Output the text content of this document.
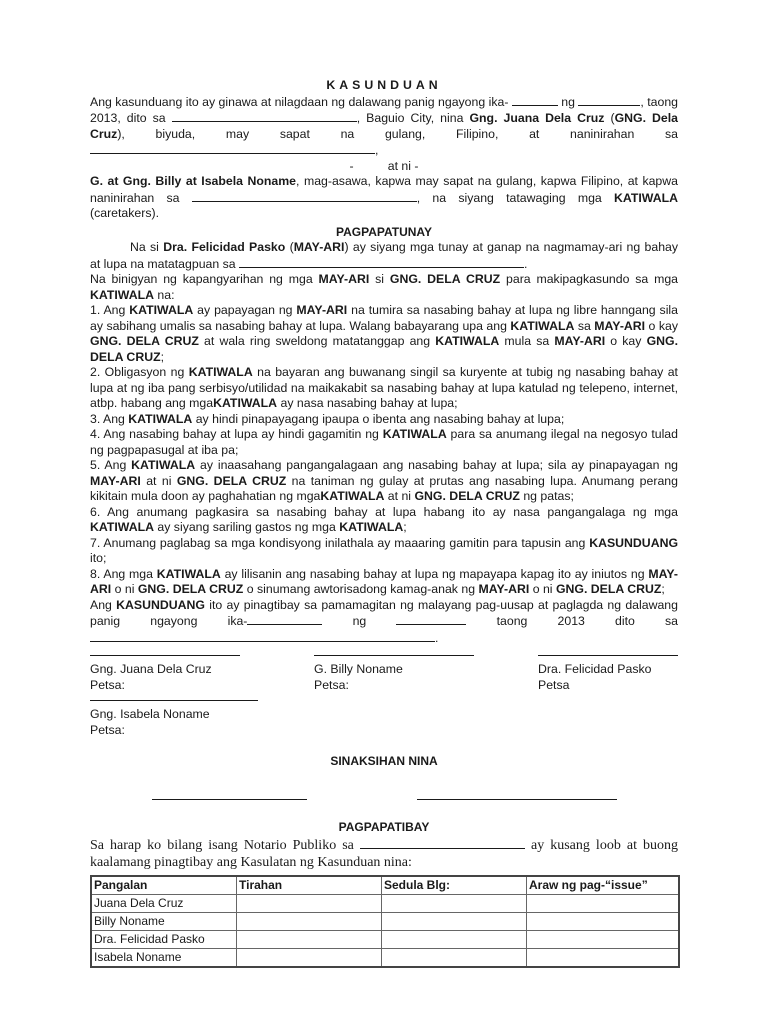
KASUNDUAN

Ang kasunduang ito ay ginawa at nilagdaan ng dalawang panig ngayong ika-	ng	, taong 2013, dito sa	, Baguio City, nina Gng. Juana Dela Cruz (GNG. Dela Cruz), biyuda, may sapat na gulang, Filipino, at naninirahan sa ,

-	at ni -

G. at Gng. Billy at Isabela Noname, mag-asawa, kapwa may sapat na gulang, kapwa Filipino, at kapwa naninirahan sa	, na siyang tatawaging mga KATIWALA (caretakers).

PAGPAPATUNAY

Na si Dra. Felicidad Pasko (MAY-ARI) ay siyang mga tunay at ganap na nagmamay-ari ng bahay at lupa na matatagpuan sa	.

Na binigyan ng kapangyarihan ng mga MAY-ARI si GNG. DELA CRUZ para makipagkasundo sa mga KATIWALA na:

1. Ang KATIWALA ay papayagan ng MAY-ARI na tumira sa nasabing bahay at lupa ng libre hanngang sila ay sabihang umalis sa nasabing bahay at lupa. Walang babayarang upa ang KATIWALA sa MAY-ARI o kay GNG. DELA CRUZ at wala ring sweldong matatanggap ang KATIWALA mula sa MAY-ARI o kay GNG. DELA CRUZ;

2. Obligasyon ng KATIWALA na bayaran ang buwanang singil sa kuryente at tubig ng nasabing bahay at lupa at ng iba pang serbisyo/utilidad na maikakabit sa nasabing bahay at lupa katulad ng telepeno, internet, atbp. habang ang mgaKATIWALA ay nasa nasabing bahay at lupa;

3. Ang KATIWALA ay hindi pinapayagang ipaupa o ibenta ang nasabing bahay at lupa;

4. Ang nasabing bahay at lupa ay hindi gagamitin ng KATIWALA para sa anumang ilegal na negosyo tulad ng pagpapasugal at iba pa;

5. Ang KATIWALA ay inaasahang pangangalagaan ang nasabing bahay at lupa; sila ay pinapayagan ng MAY-ARI at ni GNG. DELA CRUZ na taniman ng gulay at prutas ang nasabing lupa. Anumang perang kikitain mula doon ay paghahatian ng mgaKATIWALA at ni GNG. DELA CRUZ ng patas;

6. Ang anumang pagkasira sa nasabing bahay at lupa habang ito ay nasa pangangalaga ng mga KATIWALA ay siyang sariling gastos ng mga KATIWALA;

7. Anumang paglabag sa mga kondisyong inilathala ay maaaring gamitin para tapusin ang KASUNDUANG ito;

8. Ang mga KATIWALA ay lilisanin ang nasabing bahay at lupa ng mapayapa kapag ito ay iniutos ng MAY-ARI o ni GNG. DELA CRUZ o sinumang awtorisadong kamag-anak ng MAY-ARI o ni GNG. DELA CRUZ;

Ang KASUNDUANG ito ay pinagtibay sa pamamagitan ng malayang pag-uusap at paglagda ng dalawang panig ngayong ika-	ng	taong 2013 dito sa .

Gng. Juana Dela Cruz
Petsa:
G. Billy Noname
Petsa:
Dra. Felicidad Pasko
Petsa
Gng. Isabela Noname
Petsa:
SINAKSIHAN NINA
PAGPAPATIBAY

Sa harap ko bilang isang Notario Publiko sa	ay kusang loob at buong kaalamang pinagtibay ang Kasulatan ng Kasunduan nina:

Pangalan	Tirahan	Sedula Blg:	Araw ng pag-“issue”
Juana Dela Cruz			
Billy Noname			
Dra. Felicidad Pasko			
Isabela Noname			
